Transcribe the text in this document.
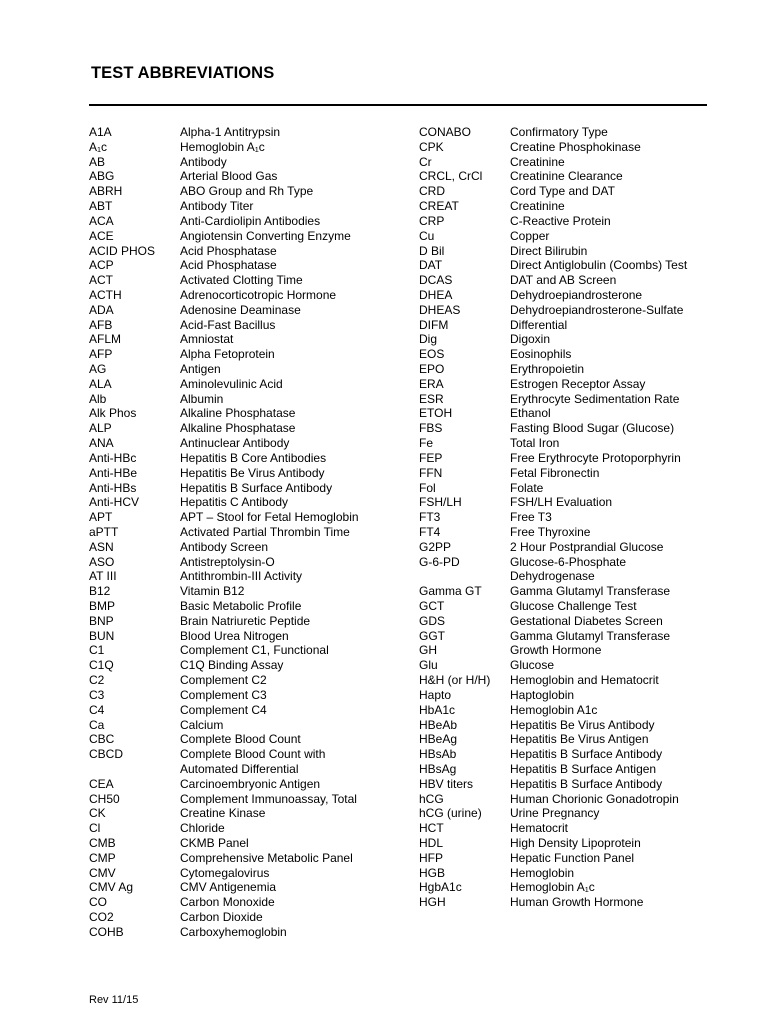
TEST ABBREVIATIONS
A1A	Alpha-1 Antitrypsin
A₁c	Hemoglobin A₁c
AB	Antibody
ABG	Arterial Blood Gas
ABRH	ABO Group and Rh Type
ABT	Antibody Titer
ACA	Anti-Cardiolipin Antibodies
ACE	Angiotensin Converting Enzyme
ACID PHOS	Acid Phosphatase
ACP	Acid Phosphatase
ACT	Activated Clotting Time
ACTH	Adrenocorticotropic Hormone
ADA	Adenosine Deaminase
AFB	Acid-Fast Bacillus
AFLM	Amniostat
AFP	Alpha Fetoprotein
AG	Antigen
ALA	Aminolevulinic Acid
Alb	Albumin
Alk Phos	Alkaline Phosphatase
ALP	Alkaline Phosphatase
ANA	Antinuclear Antibody
Anti-HBc	Hepatitis B Core Antibodies
Anti-HBe	Hepatitis Be Virus Antibody
Anti-HBs	Hepatitis B Surface Antibody
Anti-HCV	Hepatitis C Antibody
APT	APT – Stool for Fetal Hemoglobin
aPTT	Activated Partial Thrombin Time
ASN	Antibody Screen
ASO	Antistreptolysin-O
AT III	Antithrombin-III Activity
B12	Vitamin B12
BMP	Basic Metabolic Profile
BNP	Brain Natriuretic Peptide
BUN	Blood Urea Nitrogen
C1	Complement C1, Functional
C1Q	C1Q Binding Assay
C2	Complement C2
C3	Complement C3
C4	Complement C4
Ca	Calcium
CBC	Complete Blood Count
CBCD	Complete Blood Count with
Automated Differential
CEA	Carcinoembryonic Antigen
CH50	Complement Immunoassay, Total
CK	Creatine Kinase
Cl	Chloride
CMB	CKMB Panel
CMP	Comprehensive Metabolic Panel
CMV	Cytomegalovirus
CMV Ag	CMV Antigenemia
CO	Carbon Monoxide
CO2	Carbon Dioxide
COHB	Carboxyhemoglobin
CONABO	Confirmatory Type
CPK	Creatine Phosphokinase
Cr	Creatinine
CRCL, CrCl	Creatinine Clearance
CRD	Cord Type and DAT
CREAT	Creatinine
CRP	C-Reactive Protein
Cu	Copper
D Bil	Direct Bilirubin
DAT	Direct Antiglobulin (Coombs) Test
DCAS	DAT and AB Screen
DHEA	Dehydroepiandrosterone
DHEAS	Dehydroepiandrosterone-Sulfate
DIFM	Differential
Dig	Digoxin
EOS	Eosinophils
EPO	Erythropoietin
ERA	Estrogen Receptor Assay
ESR	Erythrocyte Sedimentation Rate
ETOH	Ethanol
FBS	Fasting Blood Sugar (Glucose)
Fe	Total Iron
FEP	Free Erythrocyte Protoporphyrin
FFN	Fetal Fibronectin
Fol	Folate
FSH/LH	FSH/LH Evaluation
FT3	Free T3
FT4	Free Thyroxine
G2PP	2 Hour Postprandial Glucose
G-6-PD	Glucose-6-Phosphate
Dehydrogenase
Gamma GT	Gamma Glutamyl Transferase
GCT	Glucose Challenge Test
GDS	Gestational Diabetes Screen
GGT	Gamma Glutamyl Transferase
GH	Growth Hormone
Glu	Glucose
H&H (or H/H)	Hemoglobin and Hematocrit
Hapto	Haptoglobin
HbA1c	Hemoglobin A1c
HBeAb	Hepatitis Be Virus Antibody
HBeAg	Hepatitis Be Virus Antigen
HBsAb	Hepatitis B Surface Antibody
HBsAg	Hepatitis B Surface Antigen
HBV titers	Hepatitis B Surface Antibody
hCG	Human Chorionic Gonadotropin
hCG (urine)	Urine Pregnancy
HCT	Hematocrit
HDL	High Density Lipoprotein
HFP	Hepatic Function Panel
HGB	Hemoglobin
HgbA1c	Hemoglobin A₁c
HGH	Human Growth Hormone
Rev 11/15
